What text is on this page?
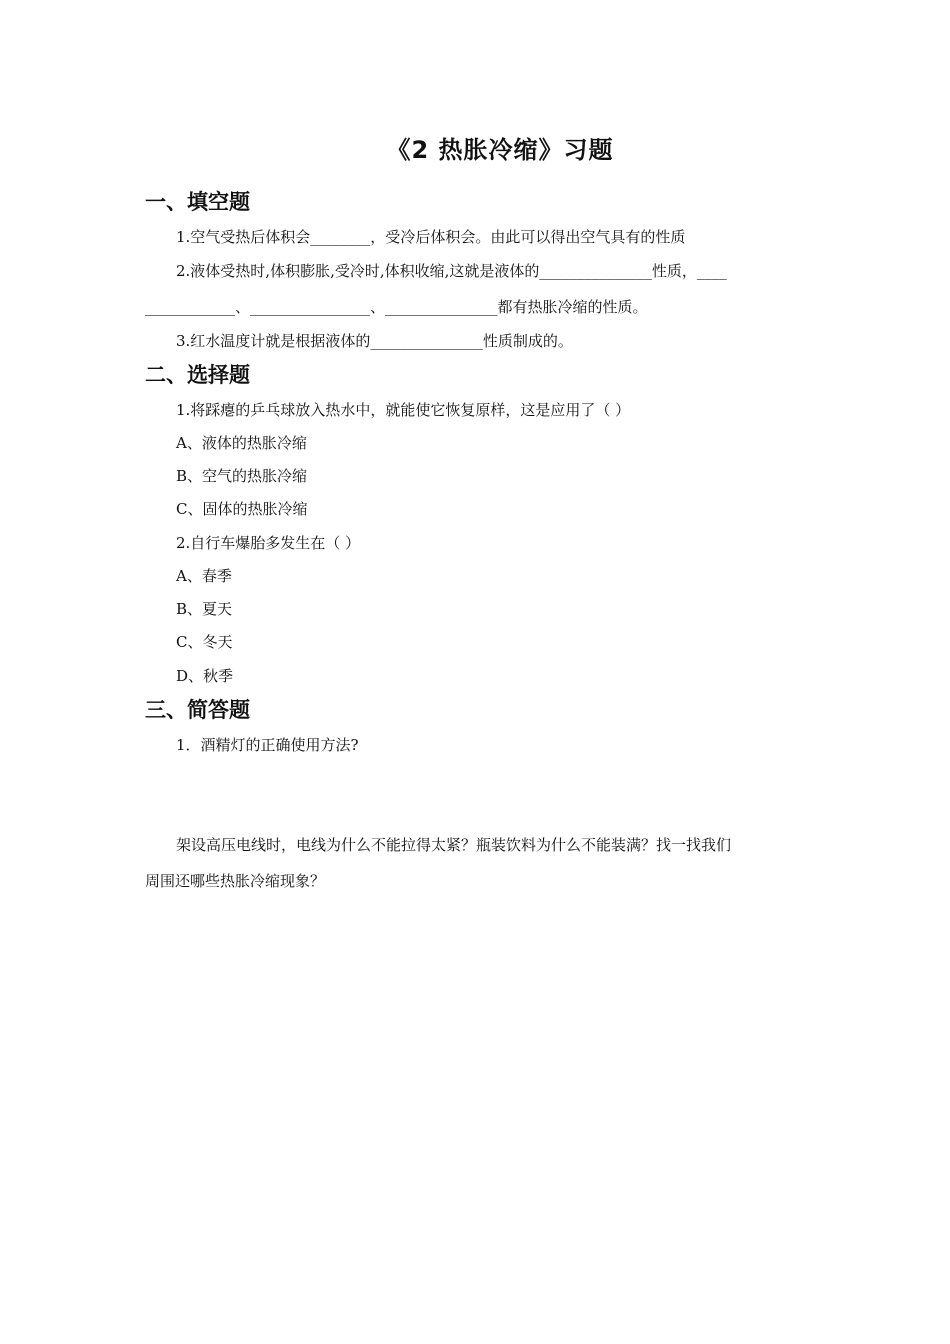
《2 热胀冷缩》习题
一、填空题
1.空气受热后体积会________，受冷后体积会。由此可以得出空气具有的性质
2.液体受热时,体积膨胀,受冷时,体积收缩,这就是液体的_______________性质，____
____________、________________、_______________都有热胀冷缩的性质。
3.红水温度计就是根据液体的_______________性质制成的。
二、选择题
1.将踩瘪的乒乓球放入热水中，就能使它恢复原样，这是应用了（ ）
A、液体的热胀冷缩
B、空气的热胀冷缩
C、固体的热胀冷缩
2.自行车爆胎多发生在（ ）
A、春季
B、夏天
C、冬天
D、秋季
三、简答题
1．酒精灯的正确使用方法?
架设高压电线时，电线为什么不能拉得太紧？瓶装饮料为什么不能装满？找一找我们
周围还哪些热胀冷缩现象？
